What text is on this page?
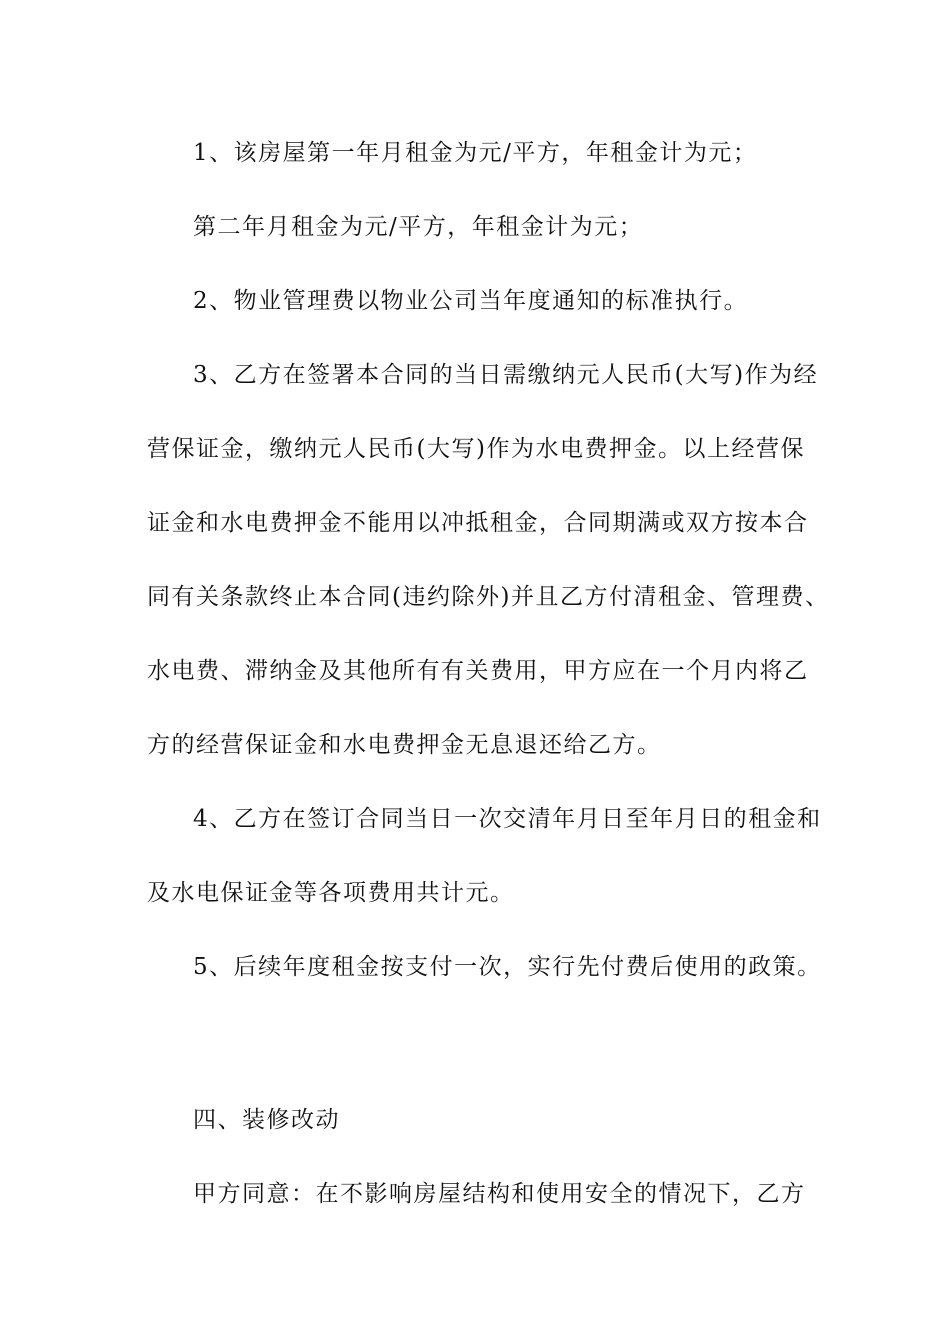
1、该房屋第一年月租金为元/平方，年租金计为元；

第二年月租金为元/平方，年租金计为元；

2、物业管理费以物业公司当年度通知的标准执行。

3、乙方在签署本合同的当日需缴纳元人民币(大写)作为经

营保证金，缴纳元人民币(大写)作为水电费押金。以上经营保

证金和水电费押金不能用以冲抵租金，合同期满或双方按本合

同有关条款终止本合同(违约除外)并且乙方付清租金、管理费、

水电费、滞纳金及其他所有有关费用，甲方应在一个月内将乙

方的经营保证金和水电费押金无息退还给乙方。

4、乙方在签订合同当日一次交清年月日至年月日的租金和

及水电保证金等各项费用共计元。

5、后续年度租金按支付一次，实行先付费后使用的政策。

四、装修改动

甲方同意：在不影响房屋结构和使用安全的情况下，乙方
